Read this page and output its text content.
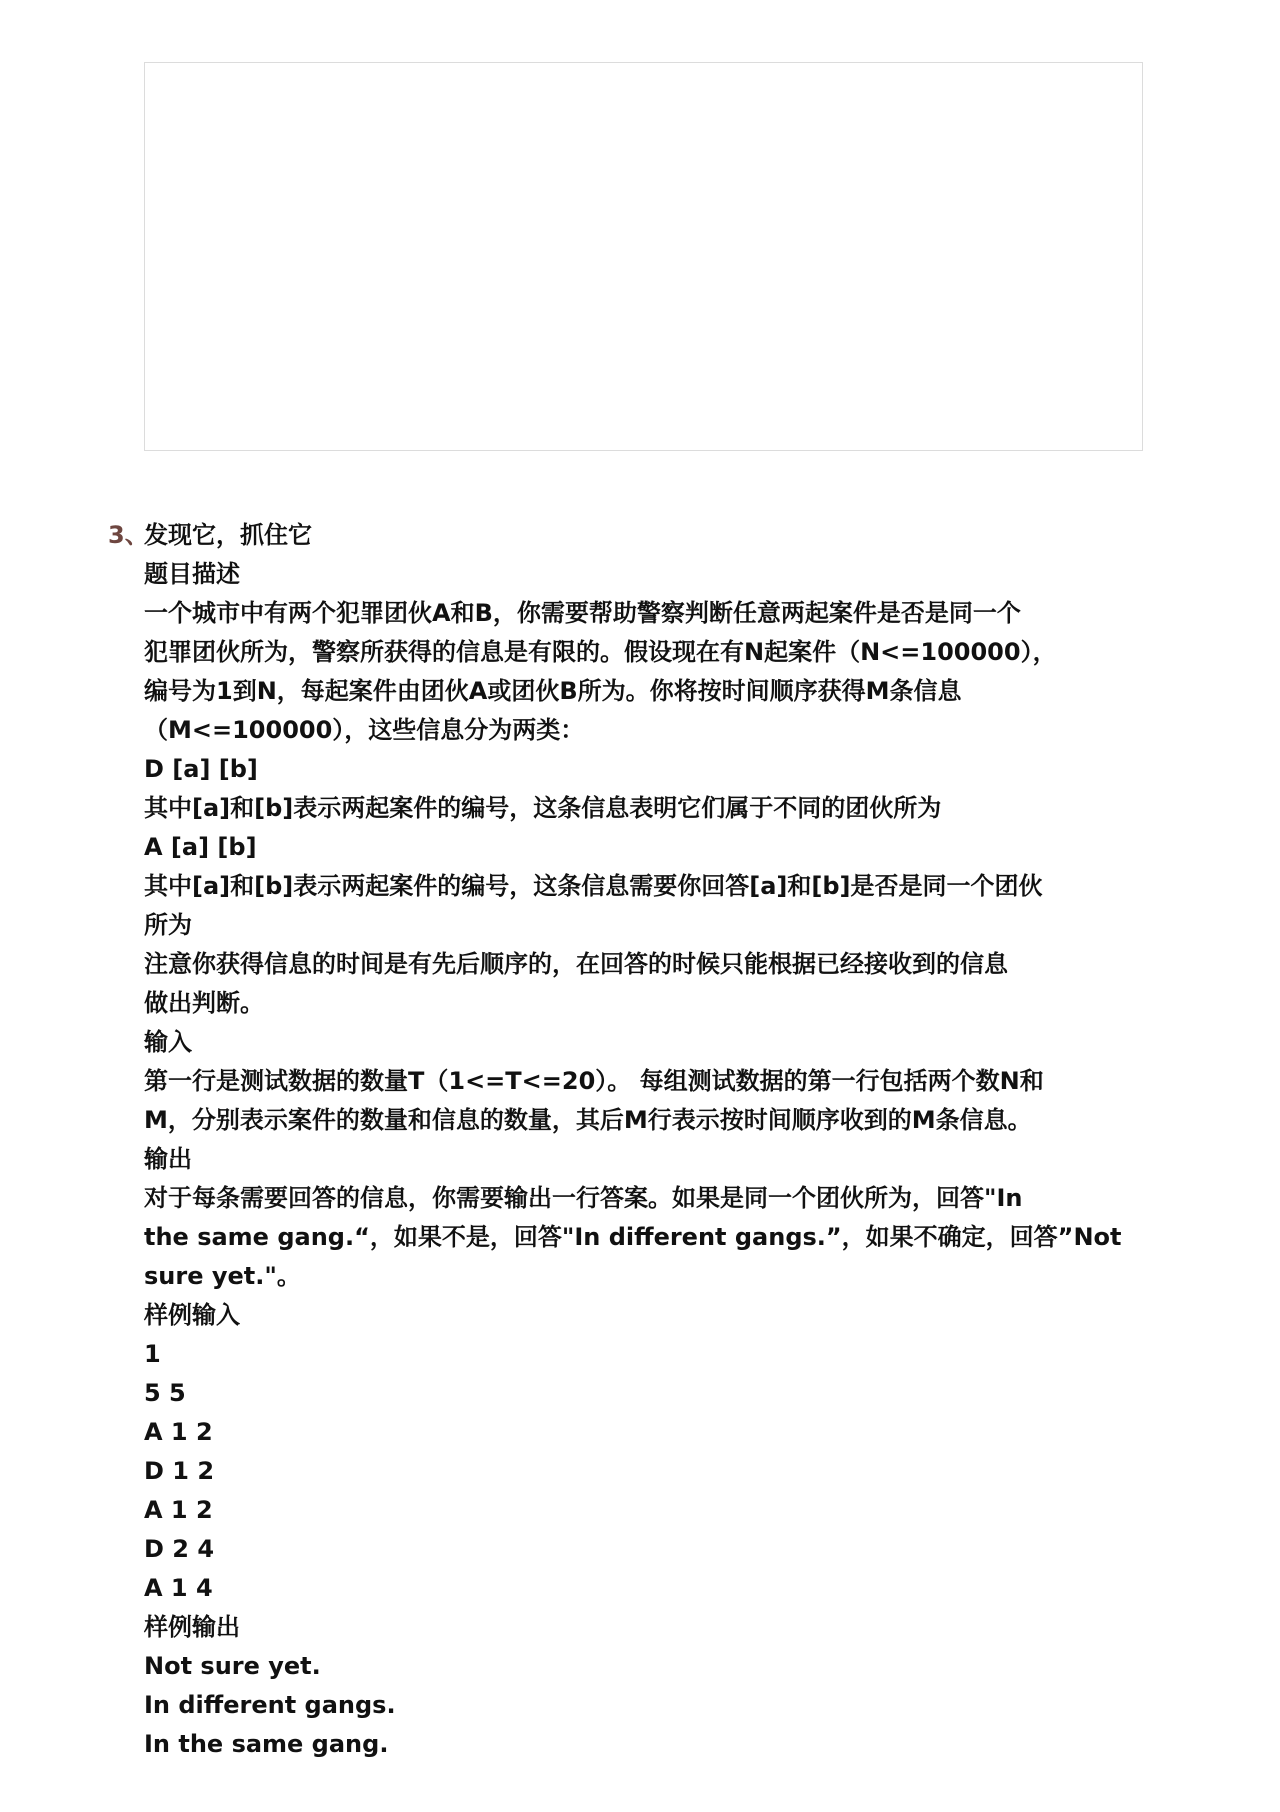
3、
发现它，抓住它
题目描述
一个城市中有两个犯罪团伙A和B，你需要帮助警察判断任意两起案件是否是同一个
犯罪团伙所为，警察所获得的信息是有限的。假设现在有N起案件（N<=100000），
编号为1到N，每起案件由团伙A或团伙B所为。你将按时间顺序获得M条信息
（M<=100000），这些信息分为两类：
D [a] [b]
其中[a]和[b]表示两起案件的编号，这条信息表明它们属于不同的团伙所为
A [a] [b]
其中[a]和[b]表示两起案件的编号，这条信息需要你回答[a]和[b]是否是同一个团伙
所为
注意你获得信息的时间是有先后顺序的，在回答的时候只能根据已经接收到的信息
做出判断。
输入
第一行是测试数据的数量T（1<=T<=20）。 每组测试数据的第一行包括两个数N和
M，分别表示案件的数量和信息的数量，其后M行表示按时间顺序收到的M条信息。
输出
对于每条需要回答的信息，你需要输出一行答案。如果是同一个团伙所为，回答"In
the same gang.“，如果不是，回答"In different gangs.”，如果不确定，回答”Not
sure yet."。
样例输入
1
5 5
A 1 2
D 1 2
A 1 2
D 2 4
A 1 4
样例输出
Not sure yet.
In different gangs.
In the same gang.
